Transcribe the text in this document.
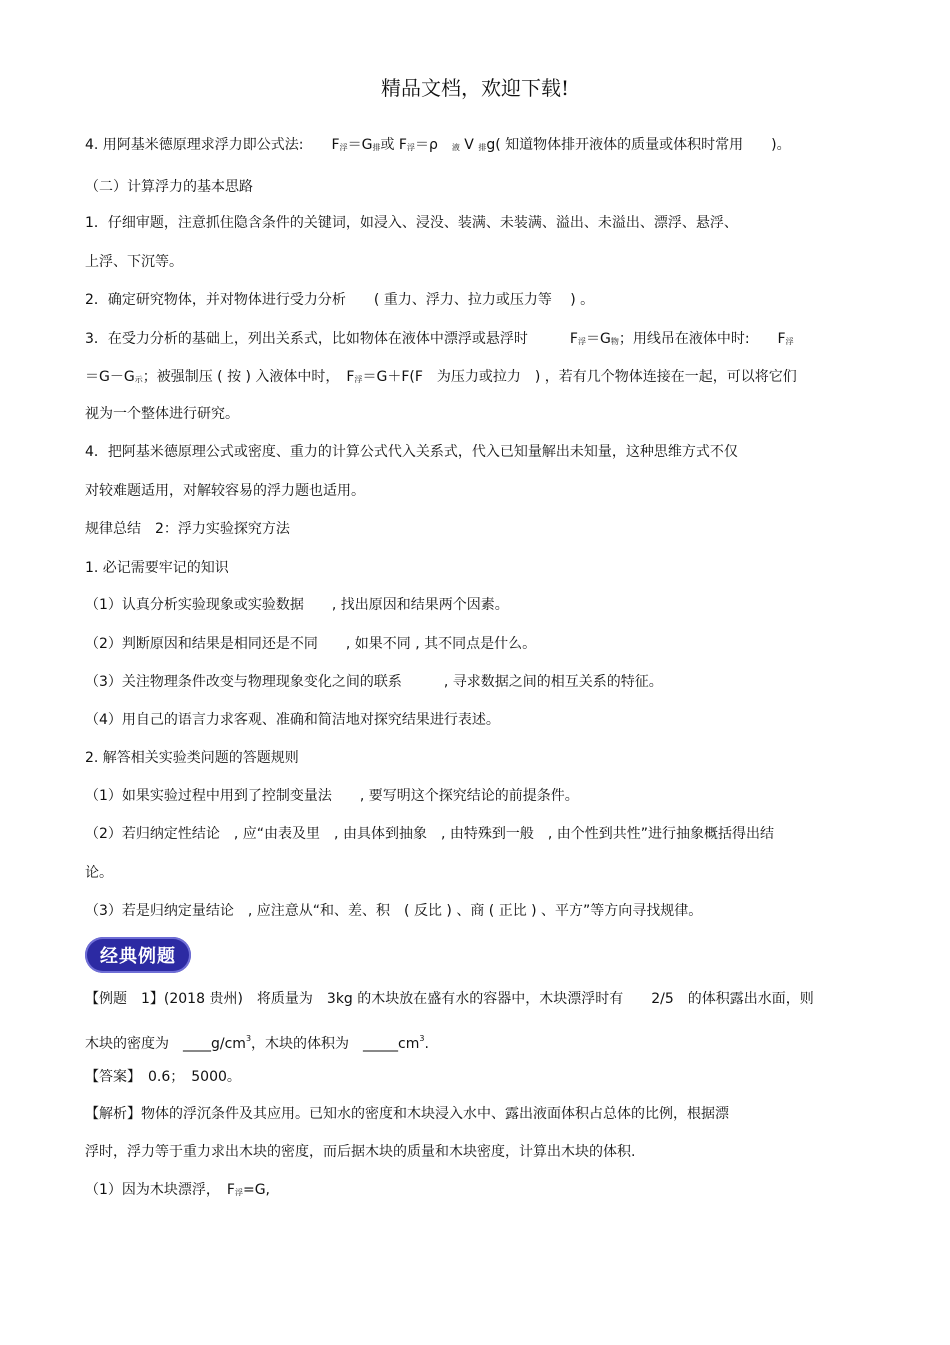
精品文档，欢迎下载!
4. 用阿基米德原理求浮力即公式法:　　F浮＝G排或 F浮＝ρ　液 V 排g( 知道物体排开液体的质量或体积时常用　　)。
（二）计算浮力的基本思路
1．仔细审题，注意抓住隐含条件的关键词，如浸入、浸没、装满、未装满、溢出、未溢出、漂浮、悬浮、
上浮、下沉等。
2．确定研究物体，并对物体进行受力分析　　( 重力、浮力、拉力或压力等　 ) 。
3．在受力分析的基础上，列出关系式，比如物体在液体中漂浮或悬浮时　　　F浮＝G物；用线吊在液体中时:　　F浮
＝G－G示；被强制压 ( 按 ) 入液体中时，　F浮＝G＋F(F　为压力或拉力　) ，若有几个物体连接在一起，可以将它们
视为一个整体进行研究。
4．把阿基米德原理公式或密度、重力的计算公式代入关系式，代入已知量解出未知量，这种思维方式不仅
对较难题适用，对解较容易的浮力题也适用。
规律总结　2：浮力实验探究方法
1. 必记需要牢记的知识
（1）认真分析实验现象或实验数据　　, 找出原因和结果两个因素。
（2）判断原因和结果是相同还是不同　　, 如果不同 , 其不同点是什么。
（3）关注物理条件改变与物理现象变化之间的联系　　　, 寻求数据之间的相互关系的特征。
（4）用自己的语言力求客观、准确和简洁地对探究结果进行表述。
2. 解答相关实验类问题的答题规则
（1）如果实验过程中用到了控制变量法　　, 要写明这个探究结论的前提条件。
（2）若归纳定性结论　, 应“由表及里　, 由具体到抽象　, 由特殊到一般　, 由个性到共性”进行抽象概括得出结
论。
（3）若是归纳定量结论　, 应注意从“和、差、积　( 反比 ) 、商 ( 正比 ) 、平方”等方向寻找规律。
经典例题
【例题　1】(2018 贵州)　将质量为　3kg 的木块放在盛有水的容器中，木块漂浮时有　　2/5　的体积露出水面，则
木块的密度为　$\_\_\_\_g/cm^3$，木块的体积为　$\_\_\_\_\_cm^3$.
【答案】　0.6；　5000。
【解析】物体的浮沉条件及其应用。已知水的密度和木块浸入水中、露出液面体积占总体的比例，根据漂
浮时，浮力等于重力求出木块的密度，而后据木块的质量和木块密度，计算出木块的体积.
（1）因为木块漂浮，　F浮=G,
